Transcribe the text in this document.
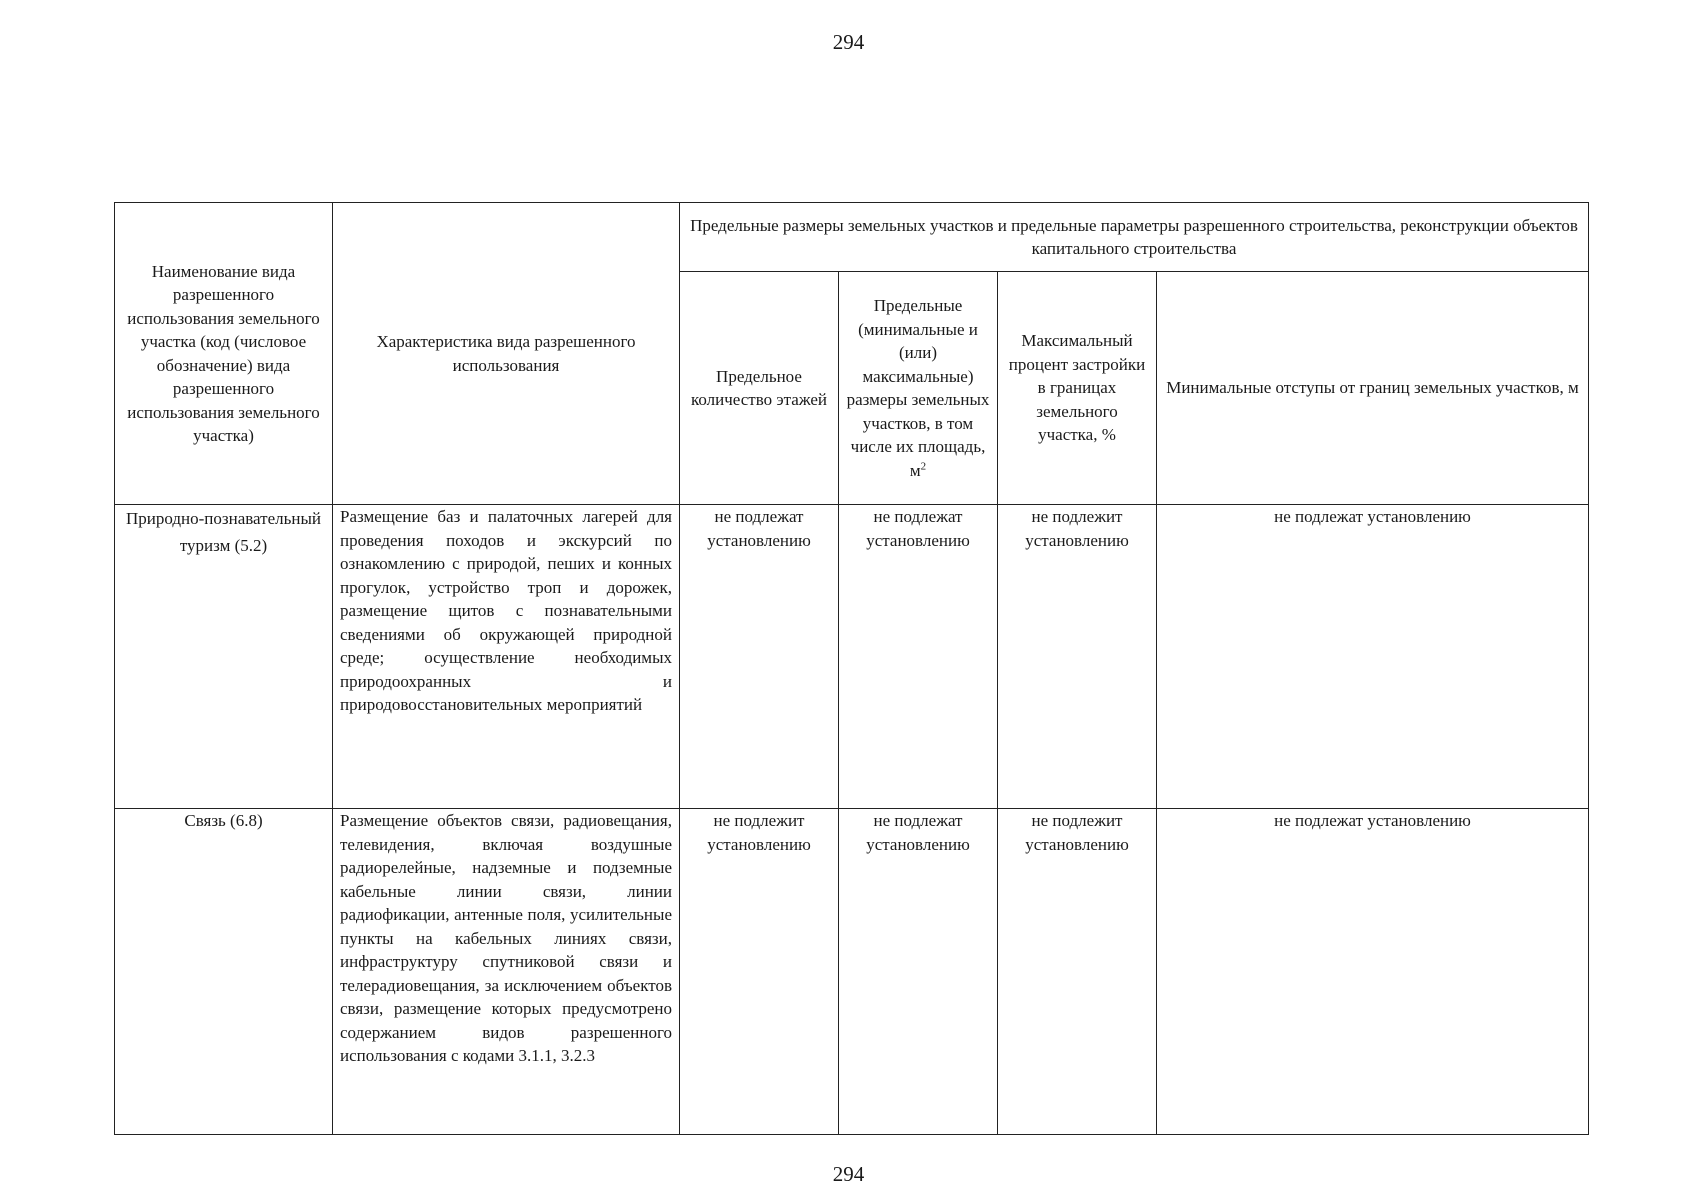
294
Наименование вида разрешенного использования земельного участка (код (числовое обозначение) вида разрешенного использования земельного участка)	Характеристика вида разрешенного использования	Предельные размеры земельных участков и предельные параметры разрешенного строительства, реконструкции объектов капитального строительства			
		Предельное количество этажей	Предельные (минимальные и (или) максимальные) размеры земельных участков, в том числе их площадь, $м^2$	Максимальный процент застройки в границах земельного участка, %	Минимальные отступы от границ земельных участков, м
Природно-познавательный туризм (5.2)	Размещение баз и палаточных лагерей для проведения походов и экскурсий по ознакомлению с природой, пеших и конных прогулок, устройство троп и дорожек, размещение щитов с познавательными сведениями об окружающей природной среде; осуществление необходимых природоохранных и природовосстановительных мероприятий	не подлежат установлению	не подлежат установлению	не подлежит установлению	не подлежат установлению
Связь (6.8)	Размещение объектов связи, радиовещания, телевидения, включая воздушные радиорелейные, надземные и подземные кабельные линии связи, линии радиофикации, антенные поля, усилительные пункты на кабельных линиях связи, инфраструктуру спутниковой связи и телерадиовещания, за исключением объектов связи, размещение которых предусмотрено содержанием видов разрешенного использования с кодами 3.1.1, 3.2.3	не подлежит установлению	не подлежат установлению	не подлежит установлению	не подлежат установлению
294
